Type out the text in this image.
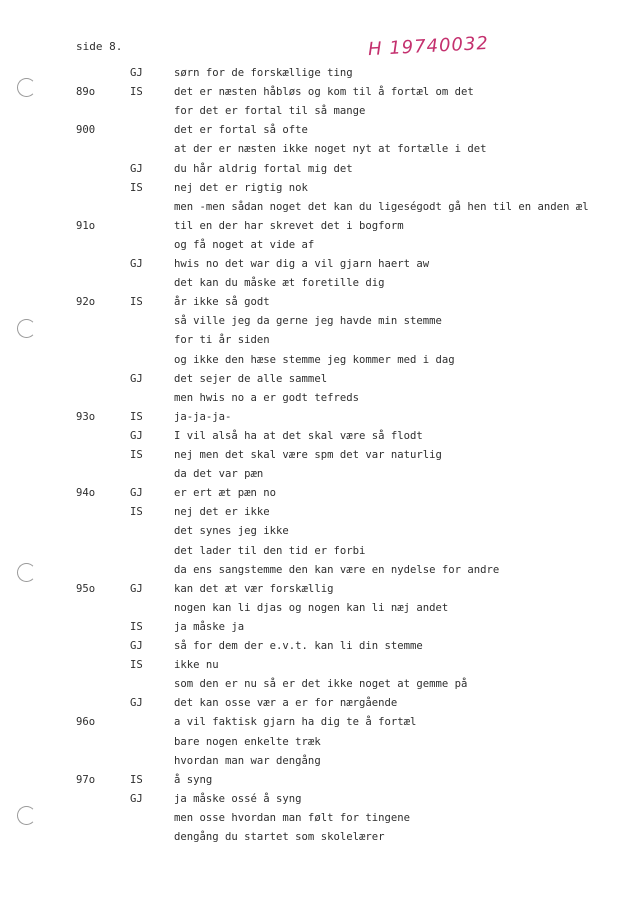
side 8.	H 19740032
GJ	sørn for de forskællige ting
89o	IS	det er næsten håbløs og kom til å fortæl om det
for det er fortal til så mange
900	det er fortal så ofte
at der er næsten ikke noget nyt at fortælle i det
GJ	du hår aldrig fortal mig det
IS	nej det er rigtig nok
men -men sådan noget det kan du ligeségodt gå hen til en anden æl
91o	til en der har skrevet det i bogform
og få noget at vide af
GJ	hwis no det war dig a vil gjarn haert aw
det kan du måske æt foretille dig
92o	IS	år ikke så godt
så ville jeg da gerne jeg havde min stemme
for ti år siden
og ikke den hæse stemme jeg kommer med i dag
GJ	det sejer de alle sammel
men hwis no a er godt tefreds
93o	IS	ja-ja-ja-
GJ	I vil alså ha at det skal være så flodt
IS	nej men det skal være spm det var naturlig
da det var pæn
94o	GJ	er ert æt pæn no
IS	nej det er ikke
det synes jeg ikke
det lader til den tid er forbi
da ens sangstemme den kan være en nydelse for andre
95o	GJ	kan det æt vær forskællig
nogen kan li djas og nogen kan li næj andet
IS	ja måske ja
GJ	så for dem der e.v.t. kan li din stemme
IS	ikke nu
som den er nu så er det ikke noget at gemme på
GJ	det kan osse vær a er for nærgående
96o	a vil faktisk gjarn ha dig te å fortæl
bare nogen enkelte træk
hvordan man war dengång
97o	IS	å syng
GJ	ja måske ossé å syng
men osse hvordan man følt for tingene
dengång du startet som skolelærer
